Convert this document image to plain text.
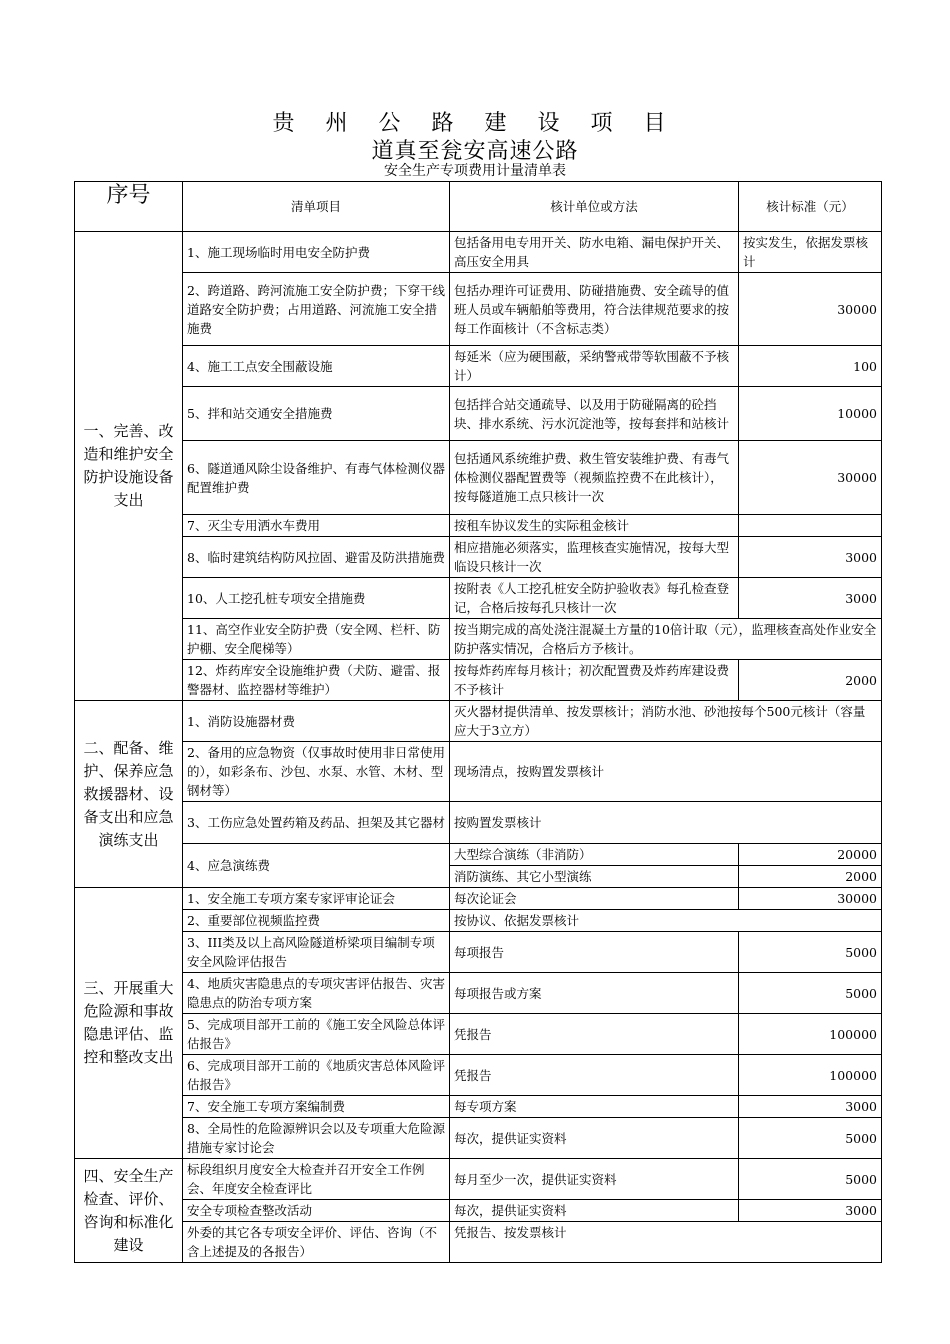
贵 州 公 路 建 设 项 目
道真至瓮安高速公路
安全生产专项费用计量清单表
序号	清单项目	核计单位或方法	核计标准（元）
一、完善、改造和维护安全防护设施设备支出	1、施工现场临时用电安全防护费	包括备用电专用开关、防水电箱、漏电保护开关、高压安全用具	按实发生，依据发票核计
	2、跨道路、跨河流施工安全防护费；下穿干线道路安全防护费；占用道路、河流施工安全措施费	包括办理许可证费用、防碰措施费、安全疏导的值班人员或车辆船舶等费用，符合法律规范要求的按每工作面核计（不含标志类）	30000
	4、施工工点安全围蔽设施	每延米（应为硬围蔽，采纳警戒带等软围蔽不予核计）	100
	5、拌和站交通安全措施费	包括拌合站交通疏导、以及用于防碰隔离的砼挡块、排水系统、污水沉淀池等，按每套拌和站核计	10000
	6、隧道通风除尘设备维护、有毒气体检测仪器配置维护费	包括通风系统维护费、救生管安装维护费、有毒气体检测仪器配置费等（视频监控费不在此核计），按每隧道施工点只核计一次	30000
	7、灭尘专用洒水车费用	按租车协议发生的实际租金核计	
	8、临时建筑结构防风拉固、避雷及防洪措施费	相应措施必须落实，监理核查实施情况，按每大型临设只核计一次	3000
	10、人工挖孔桩专项安全措施费	按附表《人工挖孔桩安全防护验收表》每孔检查登记，合格后按每孔只核计一次	3000
	11、高空作业安全防护费（安全网、栏杆、防护棚、安全爬梯等）	按当期完成的高处浇注混凝土方量的10倍计取（元），监理核查高处作业安全防护落实情况，合格后方予核计。	
	12、炸药库安全设施维护费（犬防、避雷、报警器材、监控器材等维护）	按每炸药库每月核计；初次配置费及炸药库建设费不予核计	2000
二、配备、维护、保养应急救援器材、设备支出和应急演练支出	1、消防设施器材费	灭火器材提供清单、按发票核计；消防水池、砂池按每个500元核计（容量应大于3立方）	
	2、备用的应急物资（仅事故时使用非日常使用的），如彩条布、沙包、水泵、水管、木材、型钢材等）	现场清点，按购置发票核计	
	3、工伤应急处置药箱及药品、担架及其它器材	按购置发票核计	
	4、应急演练费	大型综合演练（非消防）	20000
		消防演练、其它小型演练	2000
三、开展重大危险源和事故隐患评估、监控和整改支出	1、安全施工专项方案专家评审论证会	每次论证会	30000
	2、重要部位视频监控费	按协议、依据发票核计	
	3、III类及以上高风险隧道桥梁项目编制专项安全风险评估报告	每项报告	5000
	4、地质灾害隐患点的专项灾害评估报告、灾害隐患点的防治专项方案	每项报告或方案	5000
	5、完成项目部开工前的《施工安全风险总体评估报告》	凭报告	100000
	6、完成项目部开工前的《地质灾害总体风险评估报告》	凭报告	100000
	7、安全施工专项方案编制费	每专项方案	3000
	8、全局性的危险源辨识会以及专项重大危险源措施专家讨论会	每次，提供证实资料	5000
四、安全生产检查、评价、咨询和标准化建设	标段组织月度安全大检查并召开安全工作例会、年度安全检查评比	每月至少一次，提供证实资料	5000
	安全专项检查整改活动	每次，提供证实资料	3000
	外委的其它各专项安全评价、评估、咨询（不含上述提及的各报告）	凭报告、按发票核计	
